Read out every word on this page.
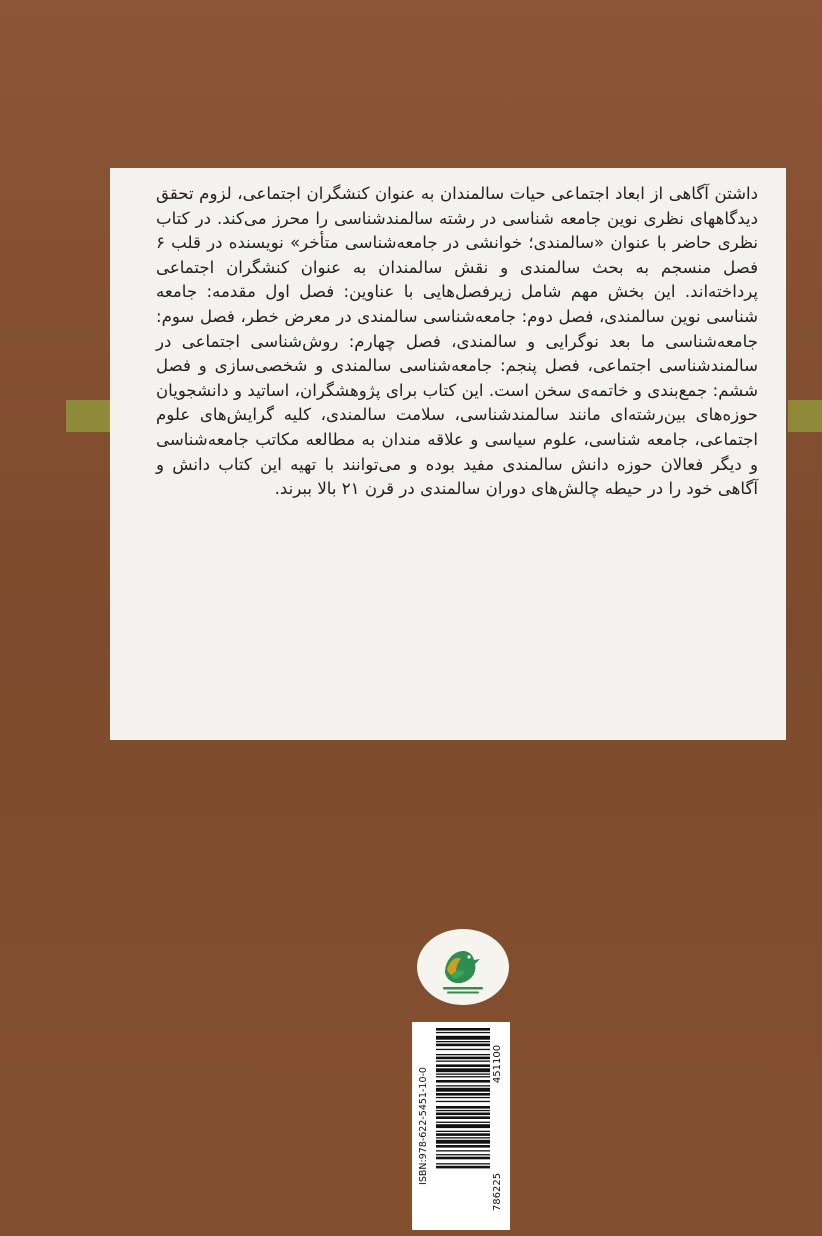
داشتن آگاهی از ابعاد اجتماعی حیات سالمندان به عنوان کنشگران اجتماعی، لزوم تحقق دیدگاههای نظری نوین جامعه شناسی در رشته سالمندشناسی را محرز می‌کند. در کتاب نظری حاضر با عنوان «سالمندی؛ خوانشی در جامعه‌شناسی متأخر» نویسنده در قلب ۶ فصل منسجم به بحث سالمندی و نقش سالمندان به عنوان کنشگران اجتماعی پرداخته‌اند. این بخش مهم شامل زیرفصل‌هایی با عناوین: فصل اول مقدمه: جامعه شناسی نوین سالمندی، فصل دوم: جامعه‌شناسی سالمندی در معرض خطر، فصل سوم: جامعه‌شناسی ما بعد نوگرایی و سالمندی، فصل چهارم: روش‌شناسی اجتماعی در سالمندشناسی اجتماعی، فصل پنجم: جامعه‌شناسی سالمندی و شخصی‌سازی و فصل ششم: جمع‌بندی و خاتمه‌ی سخن است. این کتاب برای پژوهشگران، اساتید و دانشجویان حوزه‌های بین‌رشته‌ای مانند سالمندشناسی، سلامت سالمندی، کلیه گرایش‌های علوم اجتماعی، جامعه شناسی، علوم سیاسی و علاقه مندان به مطالعه مکاتب جامعه‌شناسی و دیگر فعالان حوزه دانش سالمندی مفید بوده و می‌توانند با تهیه این کتاب دانش و آگاهی خود را در حیطه چالش‌های دوران سالمندی در قرن ۲۱ بالا ببرند.

ISBN:978-622-5451-10-0
451100
786225
